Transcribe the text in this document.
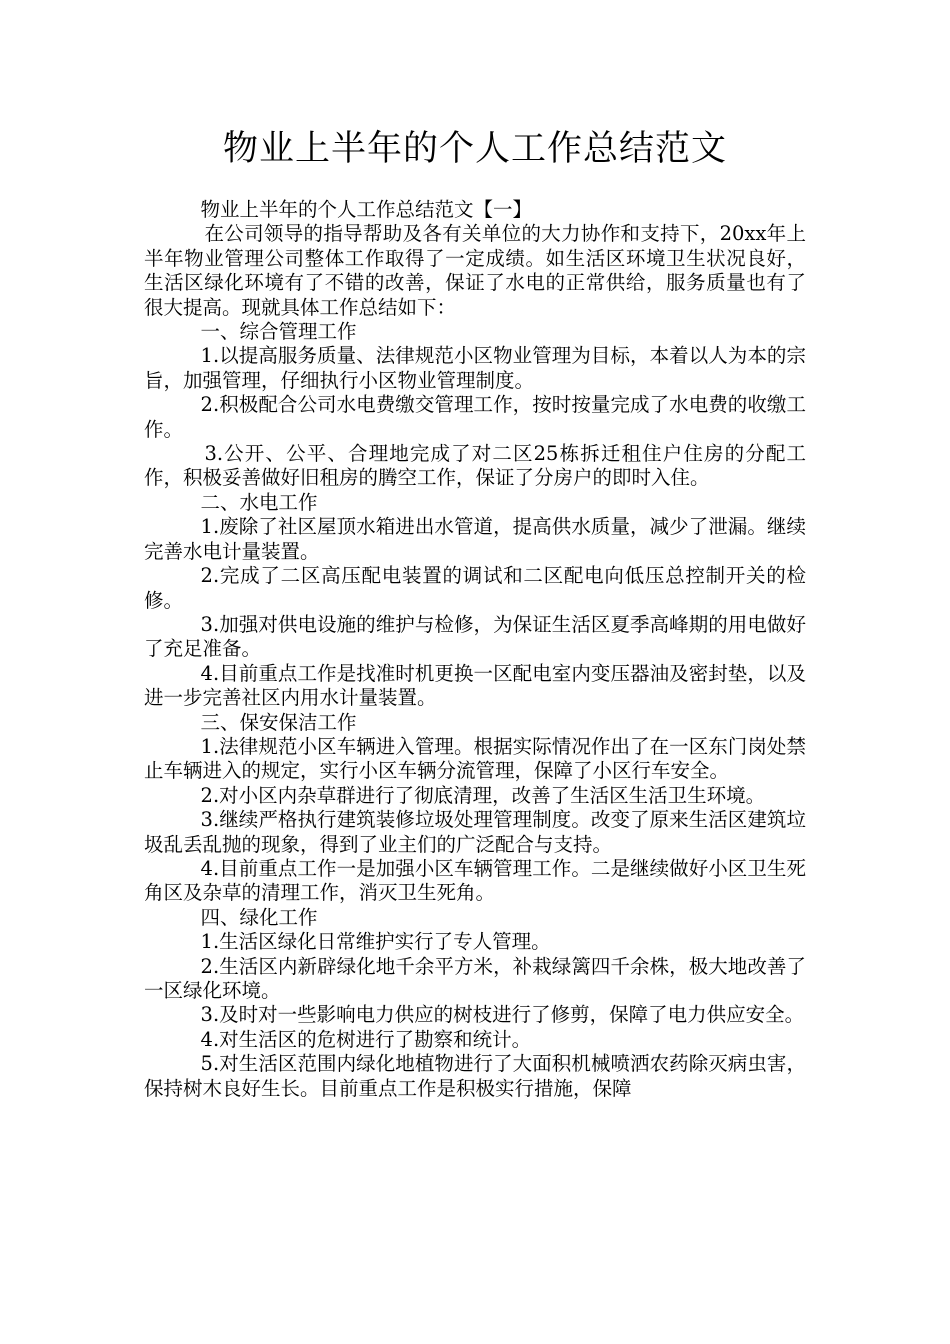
物业上半年的个人工作总结范文

物业上半年的个人工作总结范文【一】

在公司领导的指导帮助及各有关单位的大力协作和支持下，20xx年上半年物业管理公司整体工作取得了一定成绩。如生活区环境卫生状况良好，生活区绿化环境有了不错的改善，保证了水电的正常供给，服务质量也有了很大提高。现就具体工作总结如下：

一、综合管理工作

1.以提高服务质量、法律规范小区物业管理为目标，本着以人为本的宗旨，加强管理，仔细执行小区物业管理制度。

2.积极配合公司水电费缴交管理工作，按时按量完成了水电费的收缴工作。

3.公开、公平、合理地完成了对二区25栋拆迁租住户住房的分配工作，积极妥善做好旧租房的腾空工作，保证了分房户的即时入住。

二、水电工作

1.废除了社区屋顶水箱进出水管道，提高供水质量，减少了泄漏。继续完善水电计量装置。

2.完成了二区高压配电装置的调试和二区配电向低压总控制开关的检修。

3.加强对供电设施的维护与检修，为保证生活区夏季高峰期的用电做好了充足准备。

4.目前重点工作是找准时机更换一区配电室内变压器油及密封垫，以及进一步完善社区内用水计量装置。

三、保安保洁工作

1.法律规范小区车辆进入管理。根据实际情况作出了在一区东门岗处禁止车辆进入的规定，实行小区车辆分流管理，保障了小区行车安全。

2.对小区内杂草群进行了彻底清理，改善了生活区生活卫生环境。

3.继续严格执行建筑装修垃圾处理管理制度。改变了原来生活区建筑垃圾乱丢乱抛的现象，得到了业主们的广泛配合与支持。

4.目前重点工作一是加强小区车辆管理工作。二是继续做好小区卫生死角区及杂草的清理工作，消灭卫生死角。

四、绿化工作

1.生活区绿化日常维护实行了专人管理。

2.生活区内新辟绿化地千余平方米，补栽绿篱四千余株，极大地改善了一区绿化环境。

3.及时对一些影响电力供应的树枝进行了修剪，保障了电力供应安全。

4.对生活区的危树进行了勘察和统计。

5.对生活区范围内绿化地植物进行了大面积机械喷洒农药除灭病虫害，保持树木良好生长。目前重点工作是积极实行措施，保障
